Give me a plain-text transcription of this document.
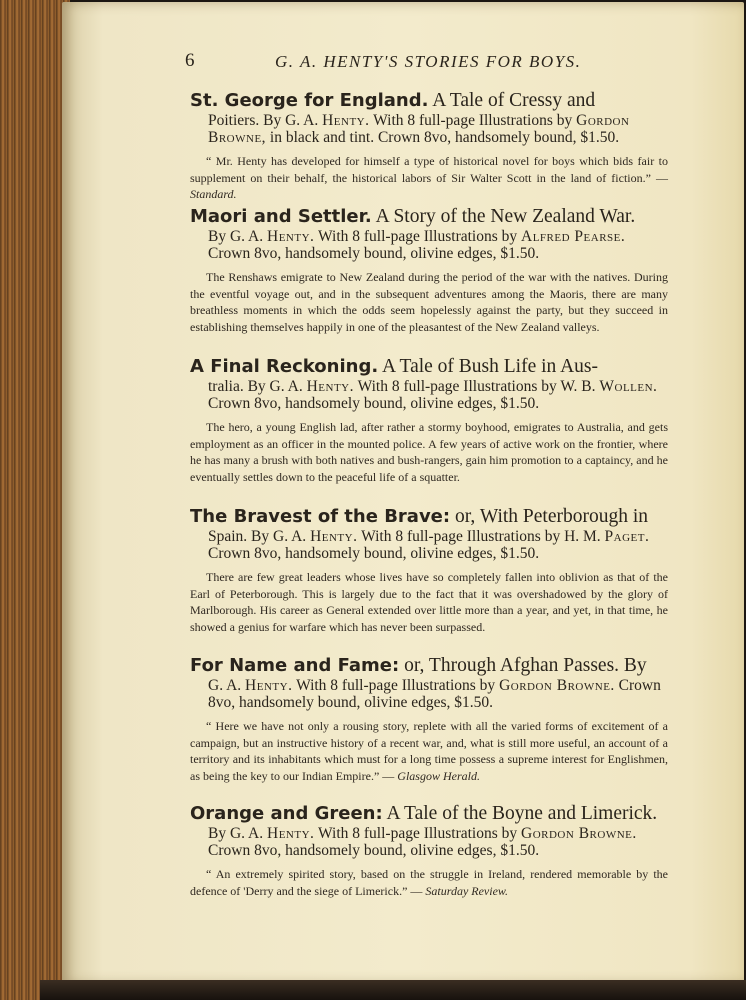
6	G. A. HENTY'S STORIES FOR BOYS.
St. George for England. A Tale of Cressy and
Poitiers. By G. A. Henty. With 8 full-page Illustrations by Gordon Browne, in black and tint. Crown 8vo, handsomely bound, $1.50.
“ Mr. Henty has developed for himself a type of historical novel for boys which bids fair to supplement on their behalf, the historical labors of Sir Walter Scott in the land of fiction.” — Standard.
Maori and Settler. A Story of the New Zealand War.
By G. A. Henty. With 8 full-page Illustrations by Alfred Pearse. Crown 8vo, handsomely bound, olivine edges, $1.50.
The Renshaws emigrate to New Zealand during the period of the war with the natives. During the eventful voyage out, and in the subsequent adventures among the Maoris, there are many breathless moments in which the odds seem hopelessly against the party, but they succeed in establishing themselves happily in one of the pleasantest of the New Zealand valleys.
A Final Reckoning. A Tale of Bush Life in Aus-
tralia. By G. A. Henty. With 8 full-page Illustrations by W. B. Wollen. Crown 8vo, handsomely bound, olivine edges, $1.50.
The hero, a young English lad, after rather a stormy boyhood, emigrates to Australia, and gets employment as an officer in the mounted police. A few years of active work on the frontier, where he has many a brush with both natives and bush-rangers, gain him promotion to a captaincy, and he eventually settles down to the peaceful life of a squatter.
The Bravest of the Brave: or, With Peterborough in
Spain. By G. A. Henty. With 8 full-page Illustrations by H. M. Paget. Crown 8vo, handsomely bound, olivine edges, $1.50.
There are few great leaders whose lives have so completely fallen into oblivion as that of the Earl of Peterborough. This is largely due to the fact that it was overshadowed by the glory of Marlborough. His career as General extended over little more than a year, and yet, in that time, he showed a genius for warfare which has never been surpassed.
For Name and Fame: or, Through Afghan Passes. By
G. A. Henty. With 8 full-page Illustrations by Gordon Browne. Crown 8vo, handsomely bound, olivine edges, $1.50.
“ Here we have not only a rousing story, replete with all the varied forms of excitement of a campaign, but an instructive history of a recent war, and, what is still more useful, an account of a territory and its inhabitants which must for a long time possess a supreme interest for Englishmen, as being the key to our Indian Empire.” — Glasgow Herald.
Orange and Green: A Tale of the Boyne and Limerick.
By G. A. Henty. With 8 full-page Illustrations by Gordon Browne. Crown 8vo, handsomely bound, olivine edges, $1.50.
“ An extremely spirited story, based on the struggle in Ireland, rendered memorable by the defence of 'Derry and the siege of Limerick.” — Saturday Review.
